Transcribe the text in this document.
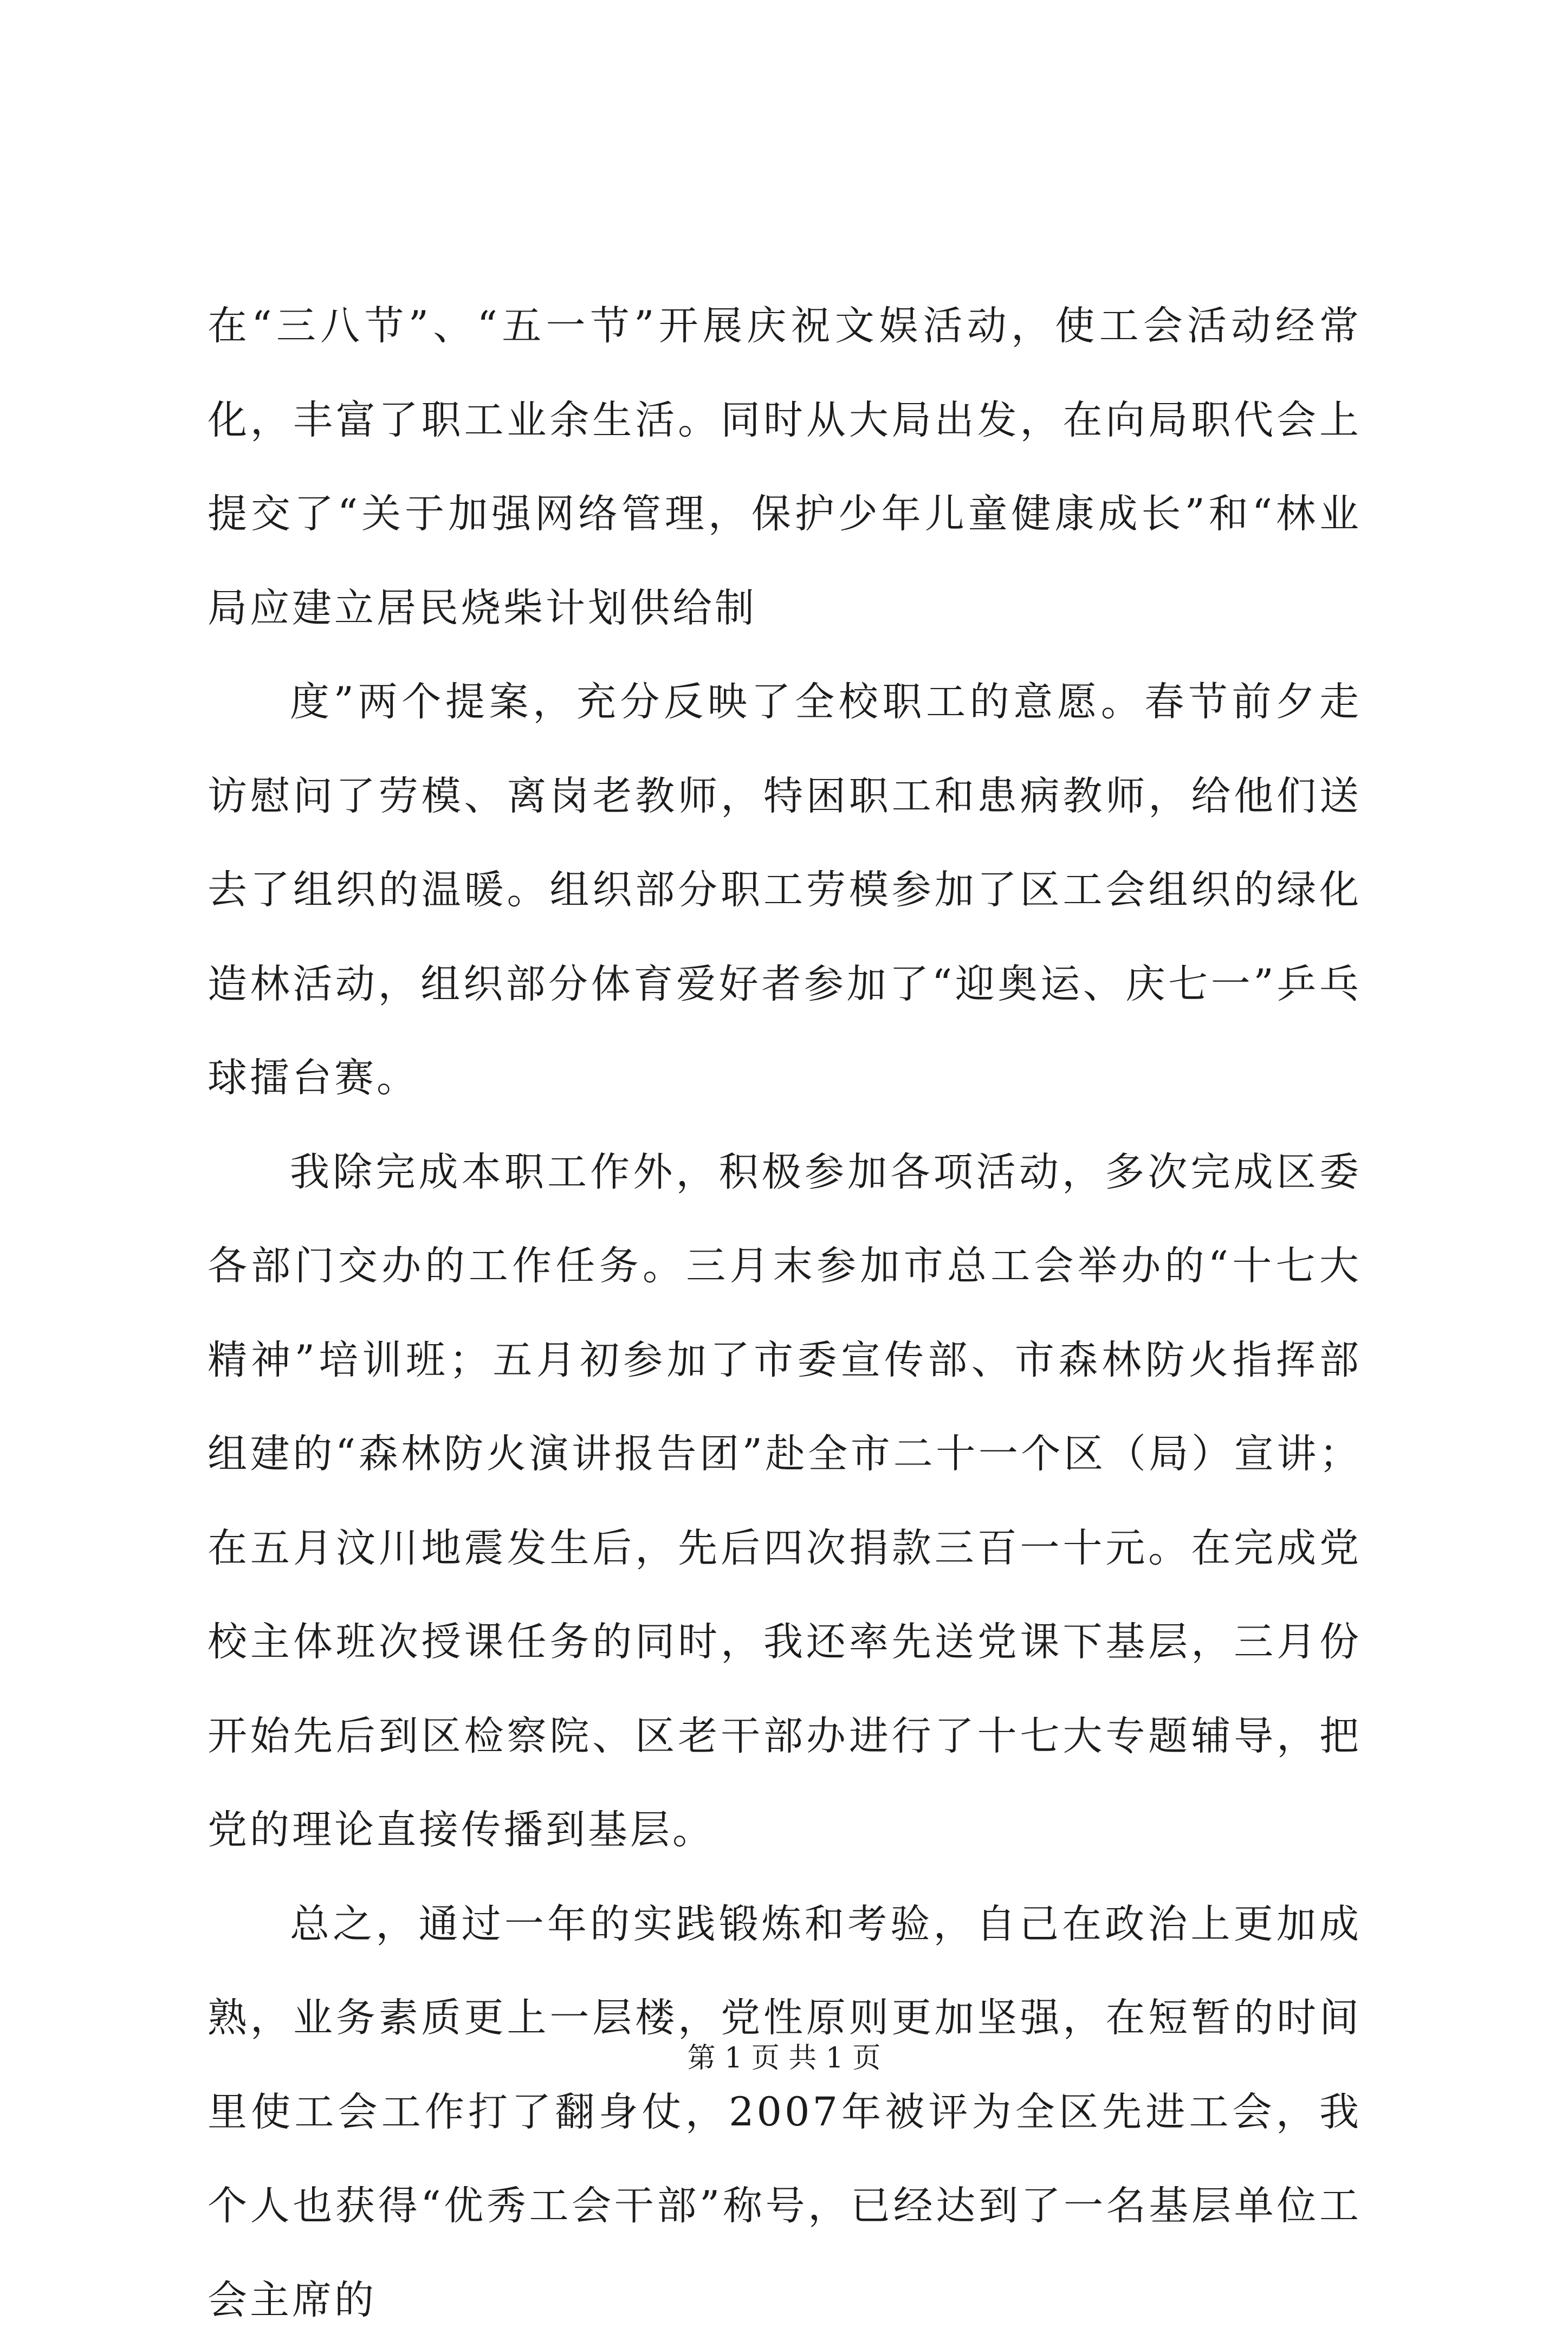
在“三八节”、“五一节”开展庆祝文娱活动，使工会活动经常化，丰富了职工业余生活。同时从大局出发，在向局职代会上提交了“关于加强网络管理，保护少年儿童健康成长”和“林业局应建立居民烧柴计划供给制

度”两个提案，充分反映了全校职工的意愿。春节前夕走访慰问了劳模、离岗老教师，特困职工和患病教师，给他们送去了组织的温暖。组织部分职工劳模参加了区工会组织的绿化造林活动，组织部分体育爱好者参加了“迎奥运、庆七一”乒乓球擂台赛。

我除完成本职工作外，积极参加各项活动，多次完成区委各部门交办的工作任务。三月末参加市总工会举办的“十七大精神”培训班；五月初参加了市委宣传部、市森林防火指挥部组建的“森林防火演讲报告团”赴全市二十一个区（局）宣讲；在五月汶川地震发生后，先后四次捐款三百一十元。在完成党校主体班次授课任务的同时，我还率先送党课下基层，三月份开始先后到区检察院、区老干部办进行了十七大专题辅导，把党的理论直接传播到基层。

总之，通过一年的实践锻炼和考验，自己在政治上更加成熟，业务素质更上一层楼，党性原则更加坚强，在短暂的时间里使工会工作打了翻身仗，2007年被评为全区先进工会，我个人也获得“优秀工会干部”称号，已经达到了一名基层单位工会主席的

第 1 页 共 1 页
